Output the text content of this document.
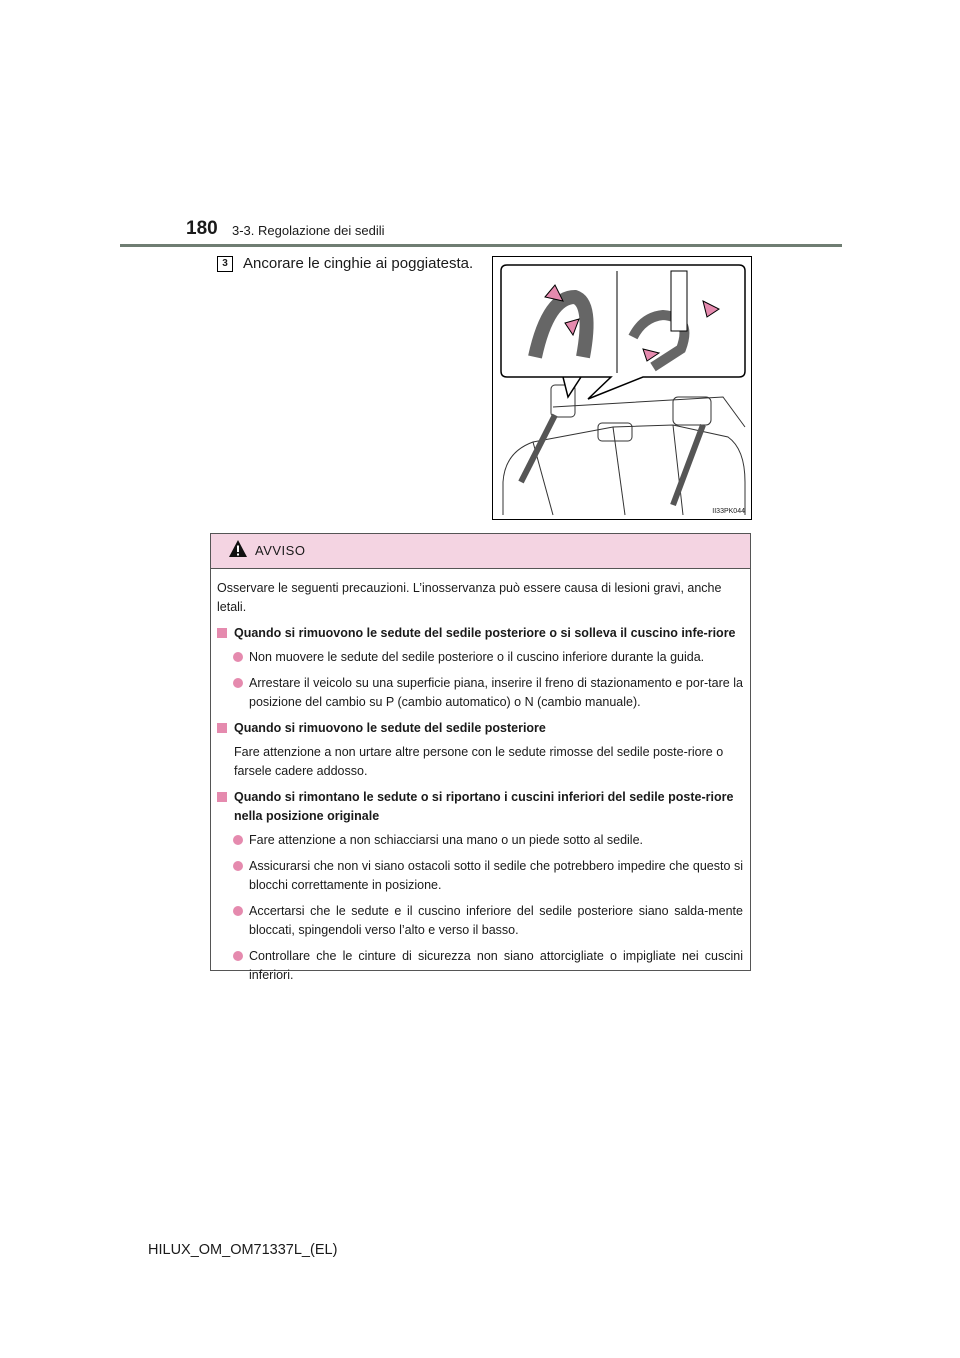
180 3-3. Regolazione dei sedili
3	Ancorare le cinghie ai poggiatesta.
II33PK044
AVVISO

Osservare le seguenti precauzioni. L’inosservanza può essere causa di lesioni gravi, anche letali.

Quando si rimuovono le sedute del sedile posteriore o si solleva il cuscino infe-riore
Non muovere le sedute del sedile posteriore o il cuscino inferiore durante la guida.
Arrestare il veicolo su una superficie piana, inserire il freno di stazionamento e por-tare la posizione del cambio su P (cambio automatico) o N (cambio manuale).
Quando si rimuovono le sedute del sedile posteriore

Fare attenzione a non urtare altre persone con le sedute rimosse del sedile poste-riore o farsele cadere addosso.

Quando si rimontano le sedute o si riportano i cuscini inferiori del sedile poste-riore nella posizione originale
Fare attenzione a non schiacciarsi una mano o un piede sotto al sedile.
Assicurarsi che non vi siano ostacoli sotto il sedile che potrebbero impedire che questo si blocchi correttamente in posizione.
Accertarsi che le sedute e il cuscino inferiore del sedile posteriore siano salda-mente bloccati, spingendoli verso l’alto e verso il basso.
Controllare che le cinture di sicurezza non siano attorcigliate o impigliate nei cuscini inferiori.
HILUX_OM_OM71337L_(EL)
